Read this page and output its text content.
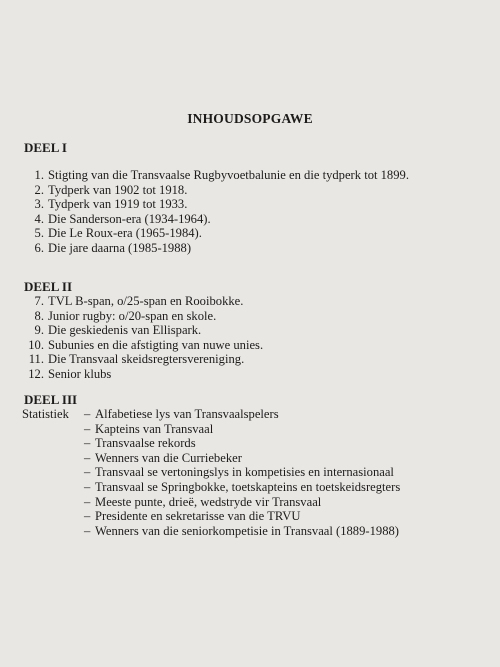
INHOUDSOPGAWE
DEEL I
1. Stigting van die Transvaalse Rugbyvoetbalunie en die tydperk tot 1899.
2. Tydperk van 1902 tot 1918.
3. Tydperk van 1919 tot 1933.
4. Die Sanderson-era (1934-1964).
5. Die Le Roux-era (1965-1984).
6. Die jare daarna (1985-1988)
DEEL II
7. TVL B-span, o/25-span en Rooibokke.
8. Junior rugby: o/20-span en skole.
9. Die geskiedenis van Ellispark.
10. Subunies en die afstigting van nuwe unies.
11. Die Transvaal skeidsregtersvereniging.
12. Senior klubs
DEEL III
Statistiek – Alfabetiese lys van Transvaalspelers
– Kapteins van Transvaal
– Transvaalse rekords
– Wenners van die Curriebeker
– Transvaal se vertoningslys in kompetisies en internasionaal
– Transvaal se Springbokke, toetskapteins en toetskeidsregters
– Meeste punte, drieë, wedstryde vir Transvaal
– Presidente en sekretarisse van die TRVU
– Wenners van die seniorkompetisie in Transvaal (1889-1988)
